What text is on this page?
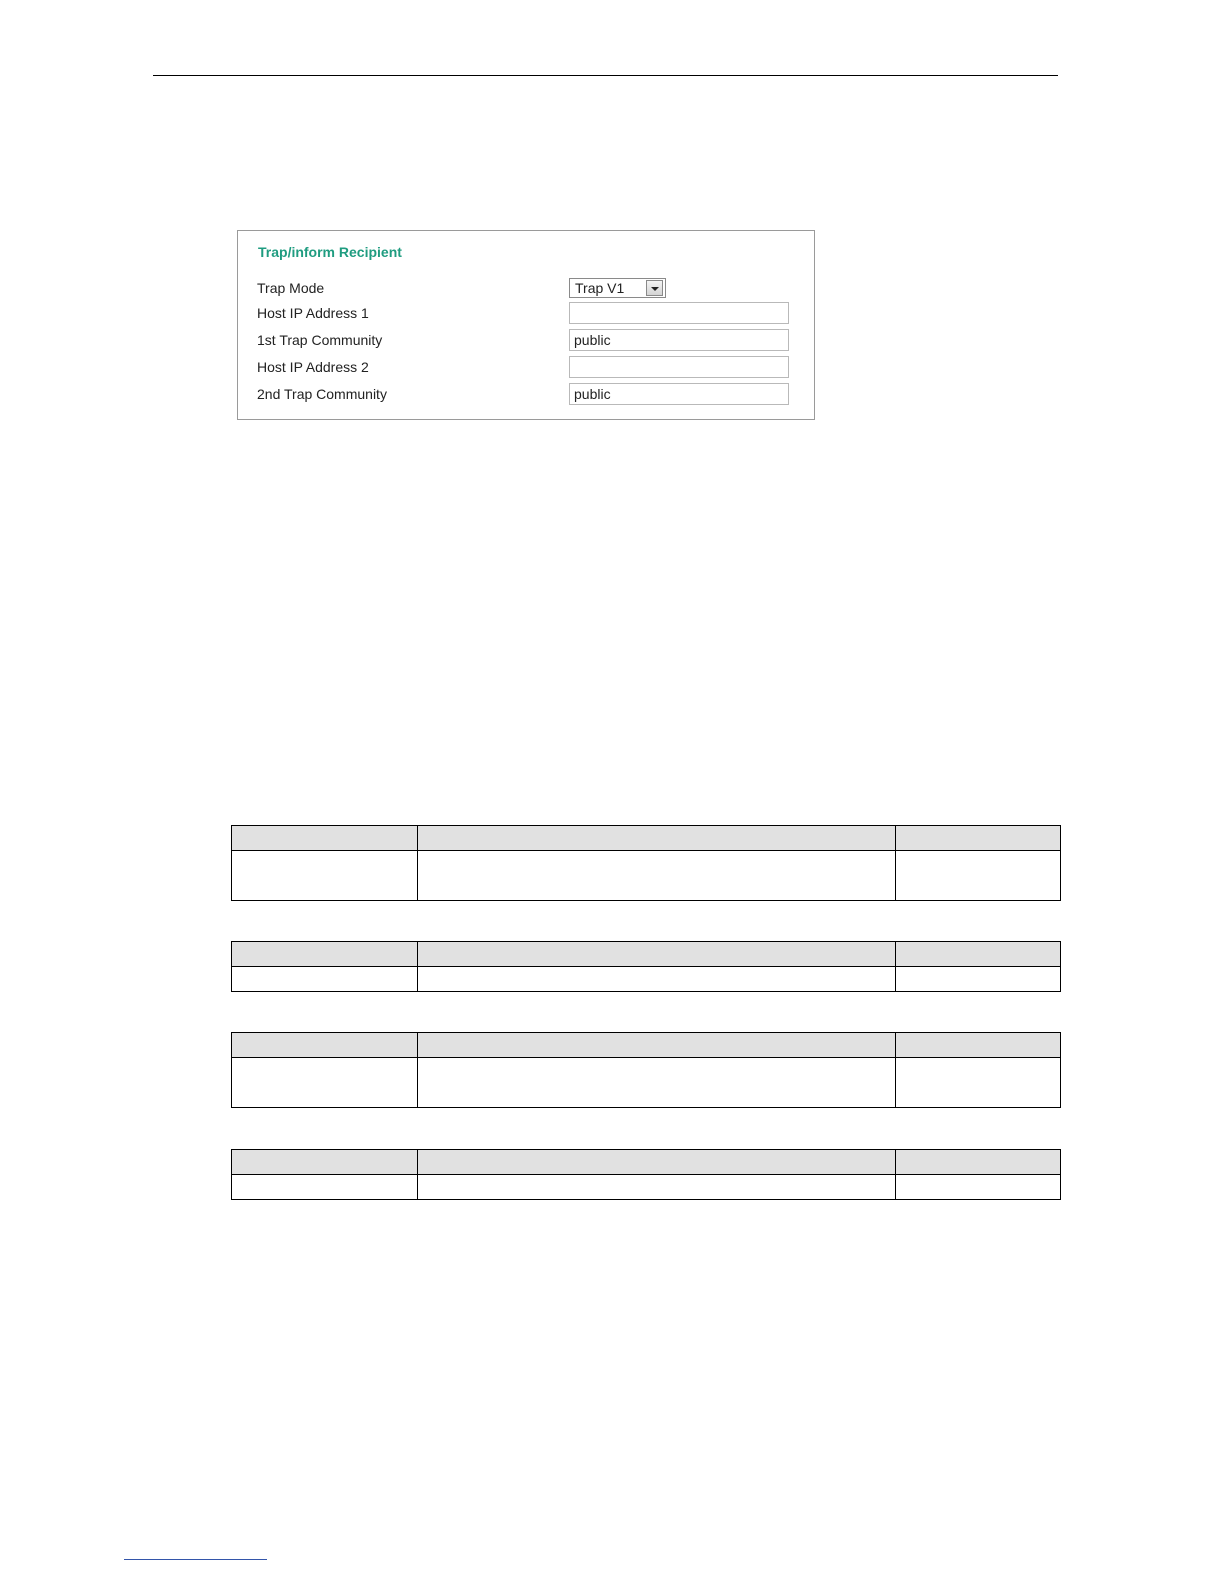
Trap/inform Recipient
Trap Mode	Trap V1
Host IP Address 1
1st Trap Community	public
Host IP Address 2
2nd Trap Community	public
